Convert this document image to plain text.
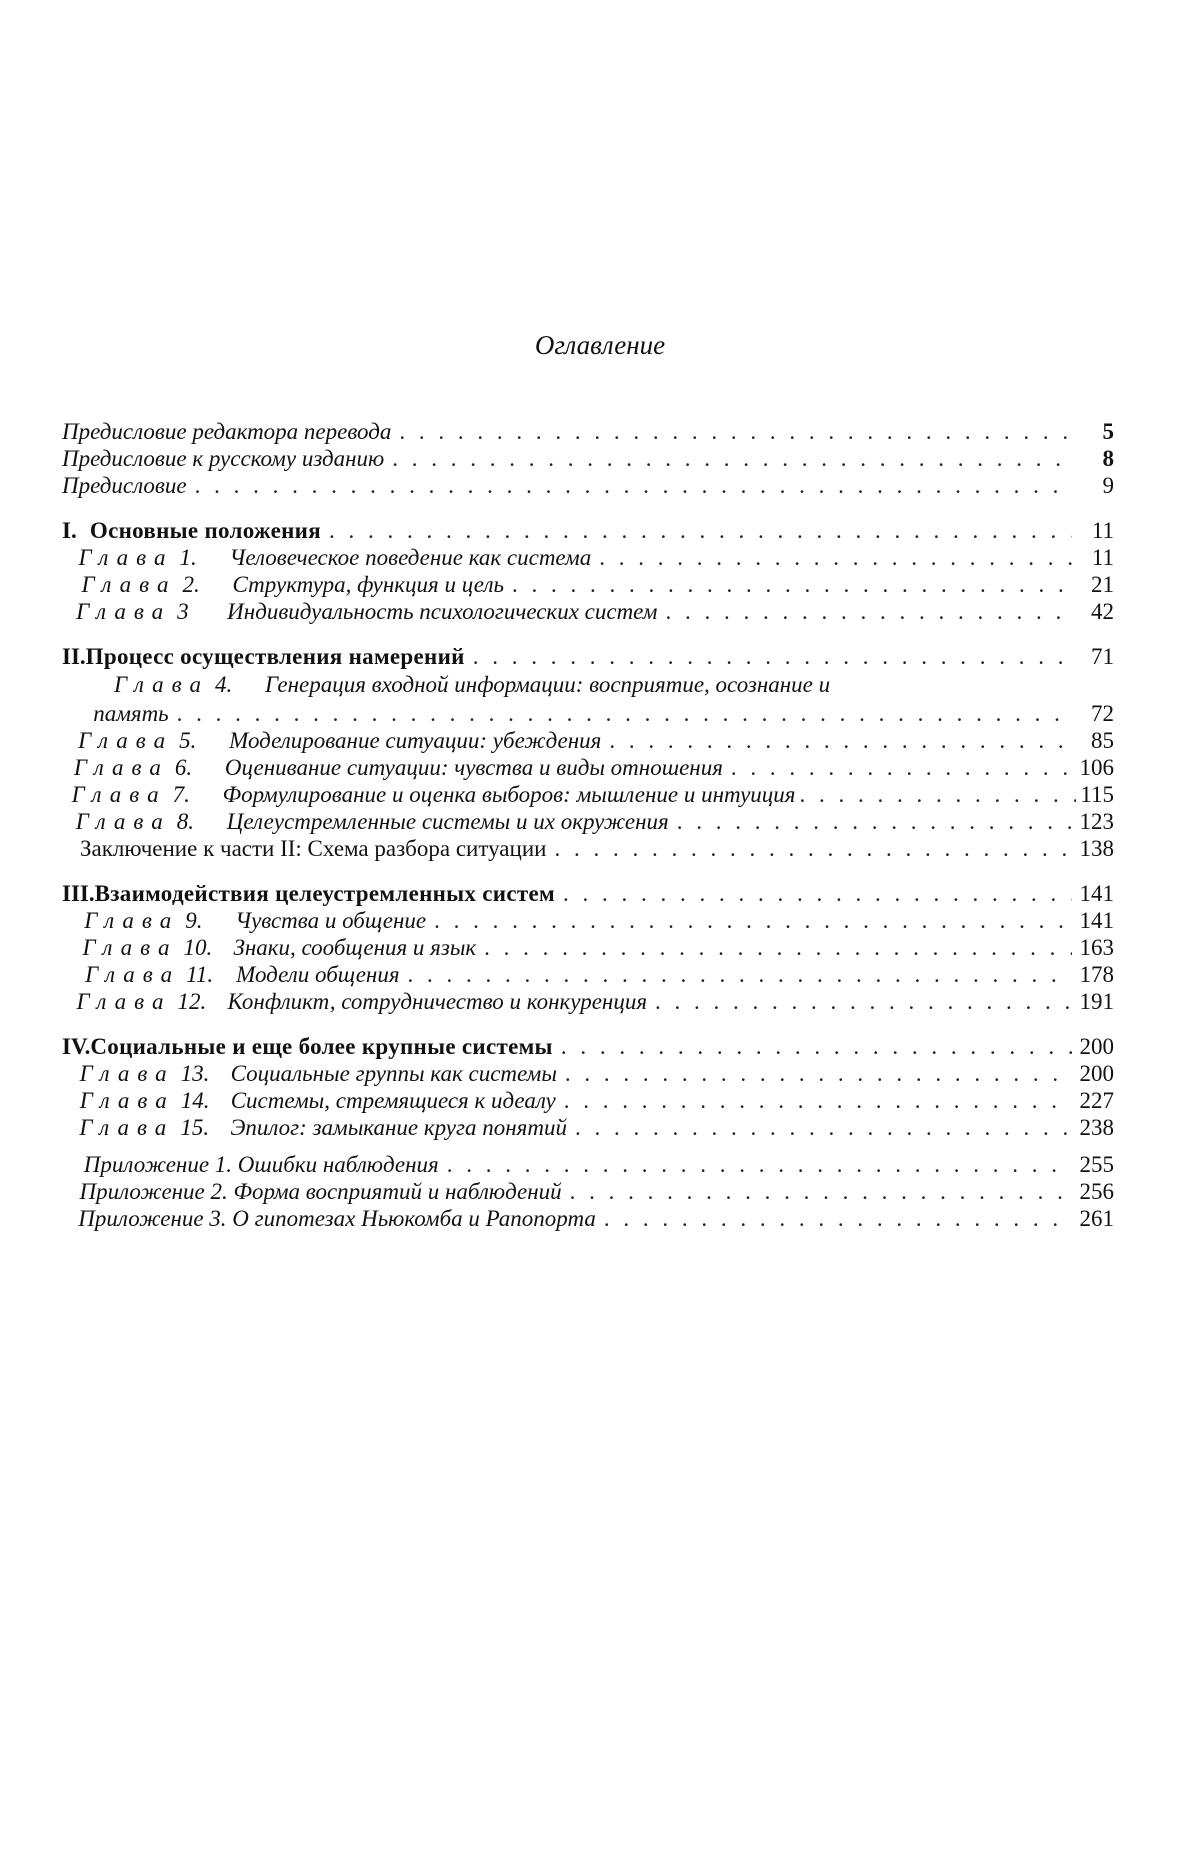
Оглавление
Предисловие редактора перевода . . .	5
Предисловие к русскому изданию . . .	8
Предисловие . . .	9
I. Основные положения . . .	11
Глава 1.	Человеческое поведение как система . . .	11
Глава 2.	Структура, функция и цель . . .	21
Глава 3	Индивидуальность психологических систем . . .	42
II. Процесс осуществления намерений . . .	71
Глава 4.	Генерация входной информации: восприятие, осознание и
память . . .	72
Глава 5.	Моделирование ситуации: убеждения . . .	85
Глава 6.	Оценивание ситуации: чувства и виды отношения . . .	106
Глава 7.	Формулирование и оценка выборов: мышление и интуиция . . .	115
Глава 8.	Целеустремленные системы и их окружения . . .	123
Заключение к части II: Схема разбора ситуации . . .	138
III. Взаимодействия целеустремленных систем . . .	141
Глава 9.	Чувства и общение . . .	141
Глава 10. Знаки, сообщения и язык . . .	163
Глава 11. Модели общения . . .	178
Глава 12. Конфликт, сотрудничество и конкуренция . . .	191
IV. Социальные и еще более крупные системы . . .	200
Глава 13. Социальные группы как системы . . .	200
Глава 14. Системы, стремящиеся к идеалу . . .	227
Глава 15. Эпилог: замыкание круга понятий . . .	238
Приложение 1. Ошибки наблюдения . . .	255
Приложение 2. Форма восприятий и наблюдений . . .	256
Приложение 3. О гипотезах Ньюкомба и Рапопорта . . .	261
